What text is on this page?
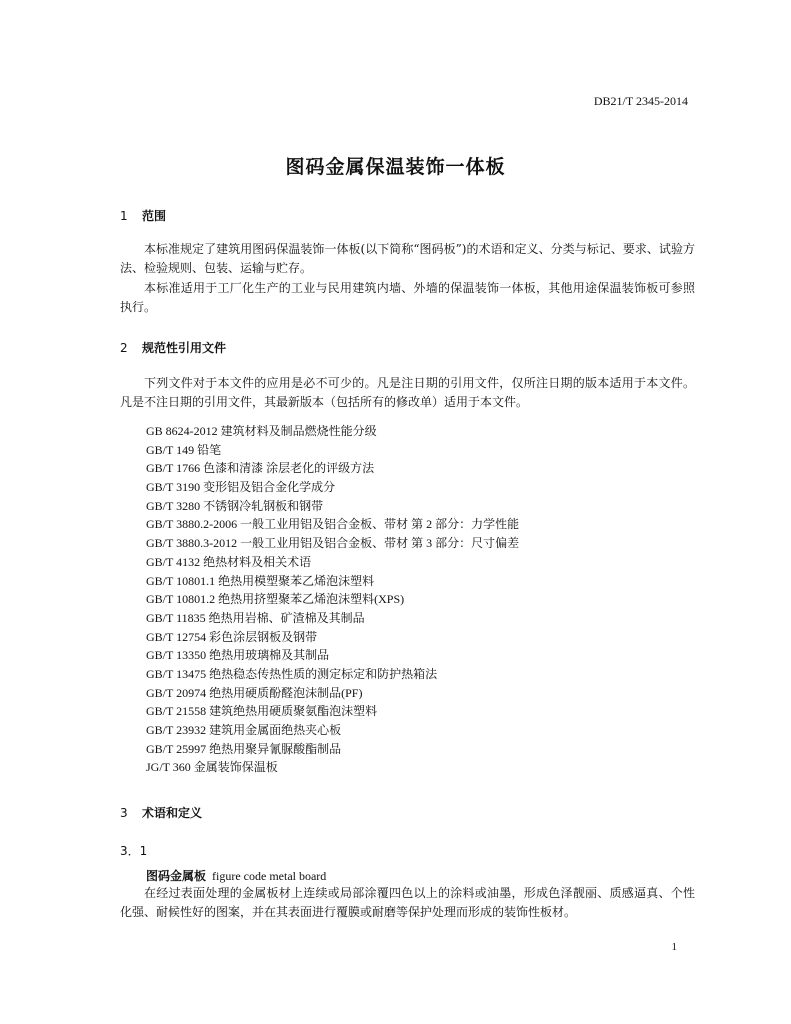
DB21/T 2345-2014
图码金属保温装饰一体板
1 范围
本标准规定了建筑用图码保温装饰一体板(以下简称“图码板”)的术语和定义、分类与标记、要求、试验方法、检验规则、包装、运输与贮存。
本标准适用于工厂化生产的工业与民用建筑内墙、外墙的保温装饰一体板，其他用途保温装饰板可参照执行。
2 规范性引用文件
下列文件对于本文件的应用是必不可少的。凡是注日期的引用文件，仅所注日期的版本适用于本文件。凡是不注日期的引用文件，其最新版本（包括所有的修改单）适用于本文件。
GB 8624-2012 建筑材料及制品燃烧性能分级
GB/T 149 铅笔
GB/T 1766 色漆和清漆 涂层老化的评级方法
GB/T 3190 变形铝及铝合金化学成分
GB/T 3280 不锈钢冷轧钢板和钢带
GB/T 3880.2-2006 一般工业用铝及铝合金板、带材 第 2 部分：力学性能
GB/T 3880.3-2012 一般工业用铝及铝合金板、带材 第 3 部分：尺寸偏差
GB/T 4132 绝热材料及相关术语
GB/T 10801.1 绝热用模塑聚苯乙烯泡沫塑料
GB/T 10801.2 绝热用挤塑聚苯乙烯泡沫塑料(XPS)
GB/T 11835 绝热用岩棉、矿渣棉及其制品
GB/T 12754 彩色涂层钢板及钢带
GB/T 13350 绝热用玻璃棉及其制品
GB/T 13475 绝热稳态传热性质的测定标定和防护热箱法
GB/T 20974 绝热用硬质酚醛泡沫制品(PF)
GB/T 21558 建筑绝热用硬质聚氨酯泡沫塑料
GB/T 23932 建筑用金属面绝热夹心板
GB/T 25997 绝热用聚异氰脲酸酯制品
JG/T 360 金属装饰保温板
3 术语和定义
3．1
图码金属板 figure code metal board
在经过表面处理的金属板材上连续或局部涂覆四色以上的涂料或油墨，形成色泽靓丽、质感逼真、个性化强、耐候性好的图案，并在其表面进行覆膜或耐磨等保护处理而形成的装饰性板材。
1
